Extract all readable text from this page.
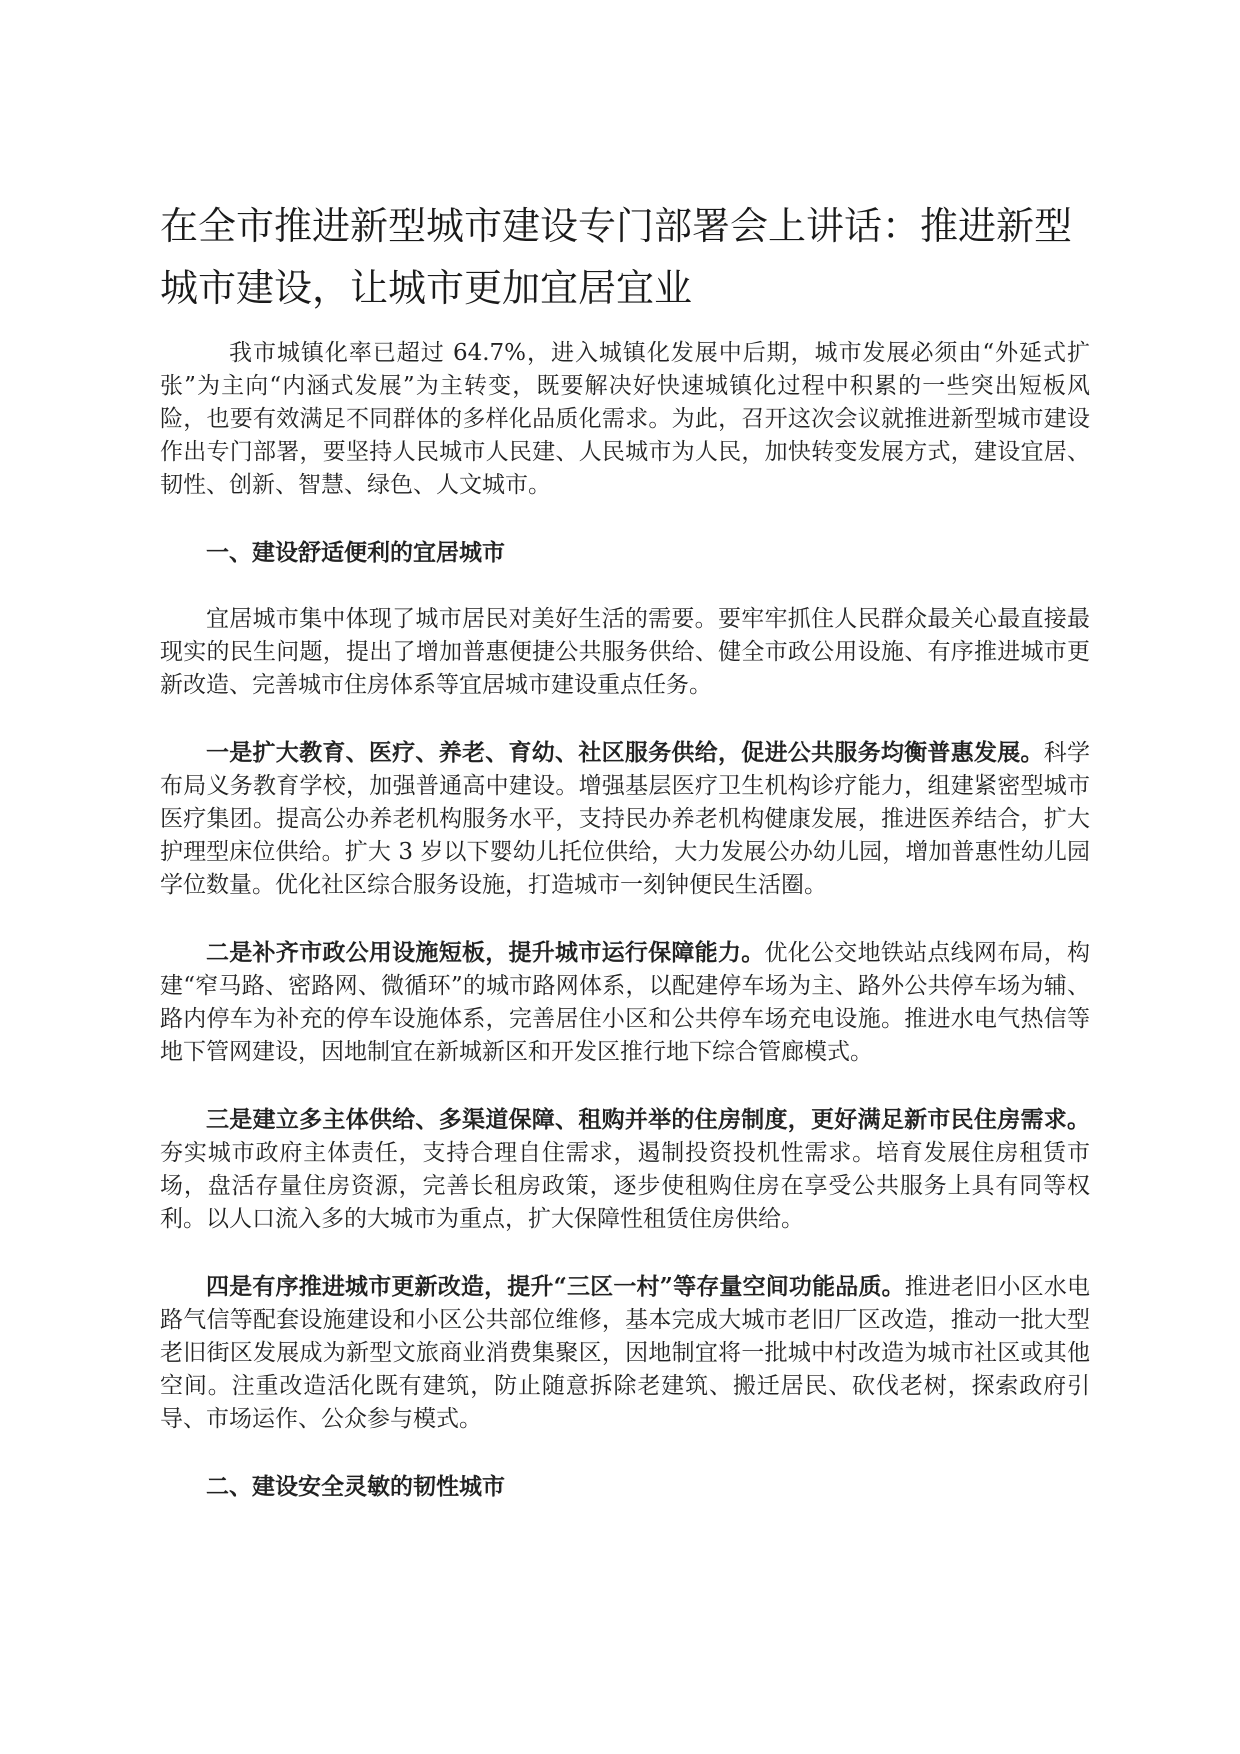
在全市推进新型城市建设专门部署会上讲话：推进新型城市建设，让城市更加宜居宜业

我市城镇化率已超过 64.7%，进入城镇化发展中后期，城市发展必须由“外延式扩张”为主向“内涵式发展”为主转变，既要解决好快速城镇化过程中积累的一些突出短板风险，也要有效满足不同群体的多样化品质化需求。为此，召开这次会议就推进新型城市建设作出专门部署，要坚持人民城市人民建、人民城市为人民，加快转变发展方式，建设宜居、韧性、创新、智慧、绿色、人文城市。

一、建设舒适便利的宜居城市

宜居城市集中体现了城市居民对美好生活的需要。要牢牢抓住人民群众最关心最直接最现实的民生问题，提出了增加普惠便捷公共服务供给、健全市政公用设施、有序推进城市更新改造、完善城市住房体系等宜居城市建设重点任务。

一是扩大教育、医疗、养老、育幼、社区服务供给，促进公共服务均衡普惠发展。科学布局义务教育学校，加强普通高中建设。增强基层医疗卫生机构诊疗能力，组建紧密型城市医疗集团。提高公办养老机构服务水平，支持民办养老机构健康发展，推进医养结合，扩大护理型床位供给。扩大 3 岁以下婴幼儿托位供给，大力发展公办幼儿园，增加普惠性幼儿园学位数量。优化社区综合服务设施，打造城市一刻钟便民生活圈。

二是补齐市政公用设施短板，提升城市运行保障能力。优化公交地铁站点线网布局，构建“窄马路、密路网、微循环”的城市路网体系，以配建停车场为主、路外公共停车场为辅、路内停车为补充的停车设施体系，完善居住小区和公共停车场充电设施。推进水电气热信等地下管网建设，因地制宜在新城新区和开发区推行地下综合管廊模式。

三是建立多主体供给、多渠道保障、租购并举的住房制度，更好满足新市民住房需求。夯实城市政府主体责任，支持合理自住需求，遏制投资投机性需求。培育发展住房租赁市场，盘活存量住房资源，完善长租房政策，逐步使租购住房在享受公共服务上具有同等权利。以人口流入多的大城市为重点，扩大保障性租赁住房供给。

四是有序推进城市更新改造，提升“三区一村”等存量空间功能品质。推进老旧小区水电路气信等配套设施建设和小区公共部位维修，基本完成大城市老旧厂区改造，推动一批大型老旧街区发展成为新型文旅商业消费集聚区，因地制宜将一批城中村改造为城市社区或其他空间。注重改造活化既有建筑，防止随意拆除老建筑、搬迁居民、砍伐老树，探索政府引导、市场运作、公众参与模式。

二、建设安全灵敏的韧性城市
